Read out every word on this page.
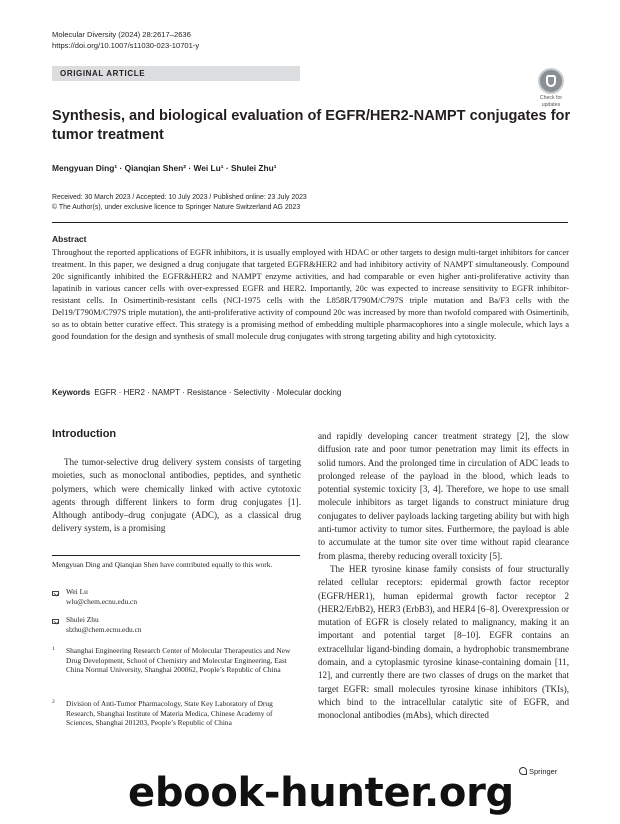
Molecular Diversity (2024) 28:2617–2636
https://doi.org/10.1007/s11030-023-10701-y
ORIGINAL ARTICLE
Check for
updates
Synthesis, and biological evaluation of EGFR/HER2-NAMPT conjugates for tumor treatment
Mengyuan Ding¹ · Qianqian Shen² · Wei Lu¹ · Shulei Zhu¹
Received: 30 March 2023 / Accepted: 10 July 2023 / Published online: 23 July 2023
© The Author(s), under exclusive licence to Springer Nature Switzerland AG 2023
Abstract
Throughout the reported applications of EGFR inhibitors, it is usually employed with HDAC or other targets to design multi-target inhibitors for cancer treatment. In this paper, we designed a drug conjugate that targeted EGFR&HER2 and had inhibitory activity of NAMPT simultaneously. Compound 20c significantly inhibited the EGFR&HER2 and NAMPT enzyme activities, and had comparable or even higher anti-proliferative activity than lapatinib in various cancer cells with over-expressed EGFR and HER2. Importantly, 20c was expected to increase sensitivity to EGFR inhibitor-resistant cells. In Osimertinib-resistant cells (NCI-1975 cells with the L858R/T790M/C797S triple mutation and Ba/F3 cells with the Del19/T790M/C797S triple mutation), the anti-proliferative activity of compound 20c was increased by more than twofold compared with Osimertinib, so as to obtain better curative effect. This strategy is a promising method of embedding multiple pharmacophores into a single molecule, which lays a good foundation for the design and synthesis of small molecule drug conjugates with strong targeting ability and high cytotoxicity.
Keywords EGFR · HER2 · NAMPT · Resistance · Selectivity · Molecular docking
Introduction

The tumor-selective drug delivery system consists of targeting moieties, such as monoclonal antibodies, peptides, and synthetic polymers, which were chemically linked with active cytotoxic agents through different linkers to form drug conjugates [1]. Although antibody–drug conjugate (ADC), as a classical drug delivery system, is a promising

Mengyuan Ding and Qianqian Shen have contributed equally to this work.
Wei Lu
wlu@chem.ecnu.edu.cn
Shulei Zhu
slzhu@chem.ecnu.edu.cn
1 Shanghai Engineering Research Center of Molecular Therapeutics and New Drug Development, School of Chemistry and Molecular Engineering, East China Normal University, Shanghai 200062, People’s Republic of China
2 Division of Anti-Tumor Pharmacology, State Key Laboratory of Drug Research, Shanghai Institute of Materia Medica, Chinese Academy of Sciences, Shanghai 201203, People’s Republic of China

and rapidly developing cancer treatment strategy [2], the slow diffusion rate and poor tumor penetration may limit its effects in solid tumors. And the prolonged time in circulation of ADC leads to prolonged release of the payload in the blood, which leads to potential systemic toxicity [3, 4]. Therefore, we hope to use small molecule inhibitors as target ligands to construct miniature drug conjugates to deliver payloads lacking targeting ability but with high anti-tumor activity to tumor sites. Furthermore, the payload is able to accumulate at the tumor site over time without rapid clearance from plasma, thereby reducing overall toxicity [5].

The HER tyrosine kinase family consists of four structurally related cellular receptors: epidermal growth factor receptor (EGFR/HER1), human epidermal growth factor receptor 2 (HER2/ErbB2), HER3 (ErbB3), and HER4 [6–8]. Overexpression or mutation of EGFR is closely related to malignancy, making it an important and potential target [8–10]. EGFR contains an extracellular ligand-binding domain, a hydrophobic transmembrane domain, and a cytoplasmic tyrosine kinase-containing domain [11, 12], and currently there are two classes of drugs on the market that target EGFR: small molecules tyrosine kinase inhibitors (TKIs), which bind to the intracellular catalytic site of EGFR, and monoclonal antibodies (mAbs), which directed

ebook-hunter.org	Springer
